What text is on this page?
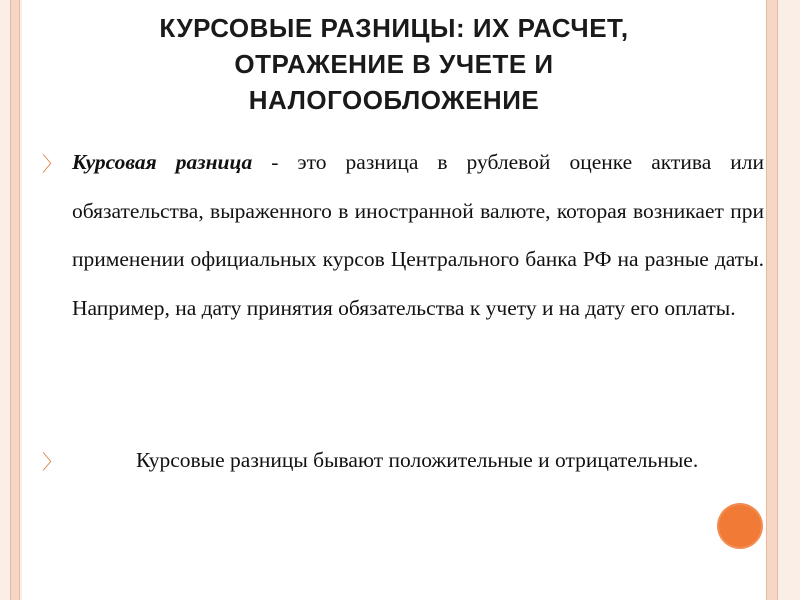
КУРСОВЫЕ РАЗНИЦЫ: ИХ РАСЧЕТ,
ОТРАЖЕНИЕ В УЧЕТЕ И
НАЛОГООБЛОЖЕНИЕ
〉 Курсовая разница - это разница в рублевой оценке актива или обязательства, выраженного в иностранной валюте, которая возникает при применении официальных курсов Центрального банка РФ на разные даты. Например, на дату принятия обязательства к учету и на дату его оплаты.
〉	Курсовые разницы бывают положительные и отрицательные.
